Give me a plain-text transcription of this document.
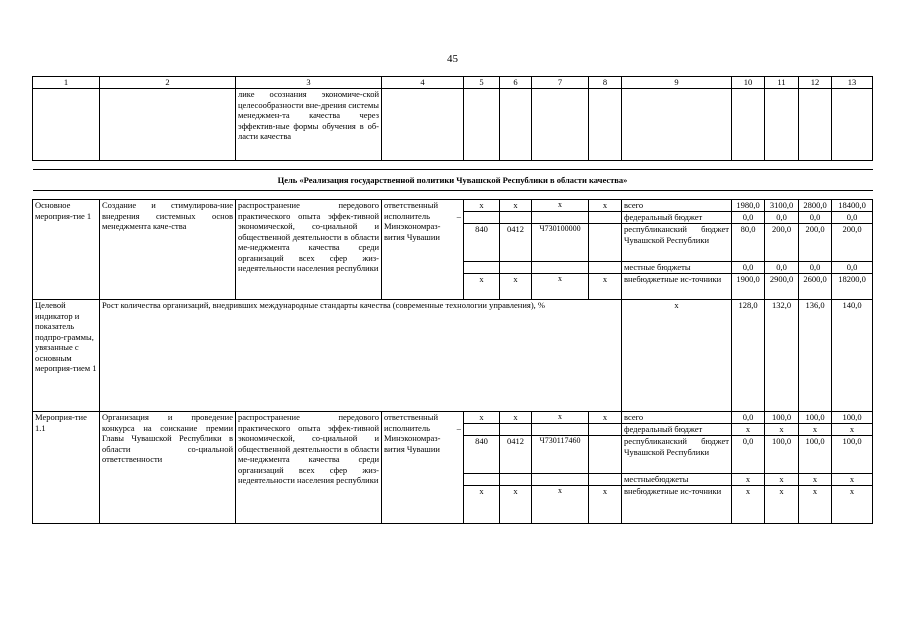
45
1	2	3	4	5	6	7	8	9	10	11	12	13
		лике осознания экономиче-ской целесообразности вне-дрения системы менеджмен-та качества через эффектив-ные формы обучения в об-ласти качества										

Цель «Реализация государственной политики Чувашской Республики в области качества»												

Основное мероприя-тие 1	Создание и стимулирова-ние внедрения системных основ менеджмента каче-ства	распространение передового практического опыта эффек-тивной экономической, со-циальной и общественной деятельности в области ме-неджмента качества среди организаций всех сфер жиз-недеятельности населения республики	ответственный исполнитель – Минэкономраз-вития Чувашии	x	x	x	x	всего	1980,0	3100,0	2800,0	18400,0
								федеральный бюджет	0,0	0,0	0,0	0,0
				840	0412	Ч730100000		республиканский бюджет Чувашской Республики	80,0	200,0	200,0	200,0
								местные бюджеты	0,0	0,0	0,0	0,0
				x	x	x	x	внебюджетные ис-точники	1900,0	2900,0	2600,0	18200,0
Целевой индикатор и показатель подпро-граммы, увязанные с основным мероприя-тием 1	Рост количества организаций, внедривших международные стандарты качества (современные технологии управления), %							x	128,0	132,0	136,0	140,0
Мероприя-тие 1.1	Организация и проведение конкурса на соискание премии Главы Чувашской Республики в области со-циальной ответственности	распространение передового практического опыта эффек-тивной экономической, со-циальной и общественной деятельности в области ме-неджмента качества среди организаций всех сфер жиз-недеятельности населения республики	ответственный исполнитель – Минэкономраз-вития Чувашии	x	x	x	x	всего	0,0	100,0	100,0	100,0
								федеральный бюджет	x	x	x	x
				840	0412	Ч730117460		республиканский бюджет Чувашской Республики	0,0	100,0	100,0	100,0
								местныебюджеты	x	x	x	x
				x	x	x	x	внебюджетные ис-точники	x	x	x	x
